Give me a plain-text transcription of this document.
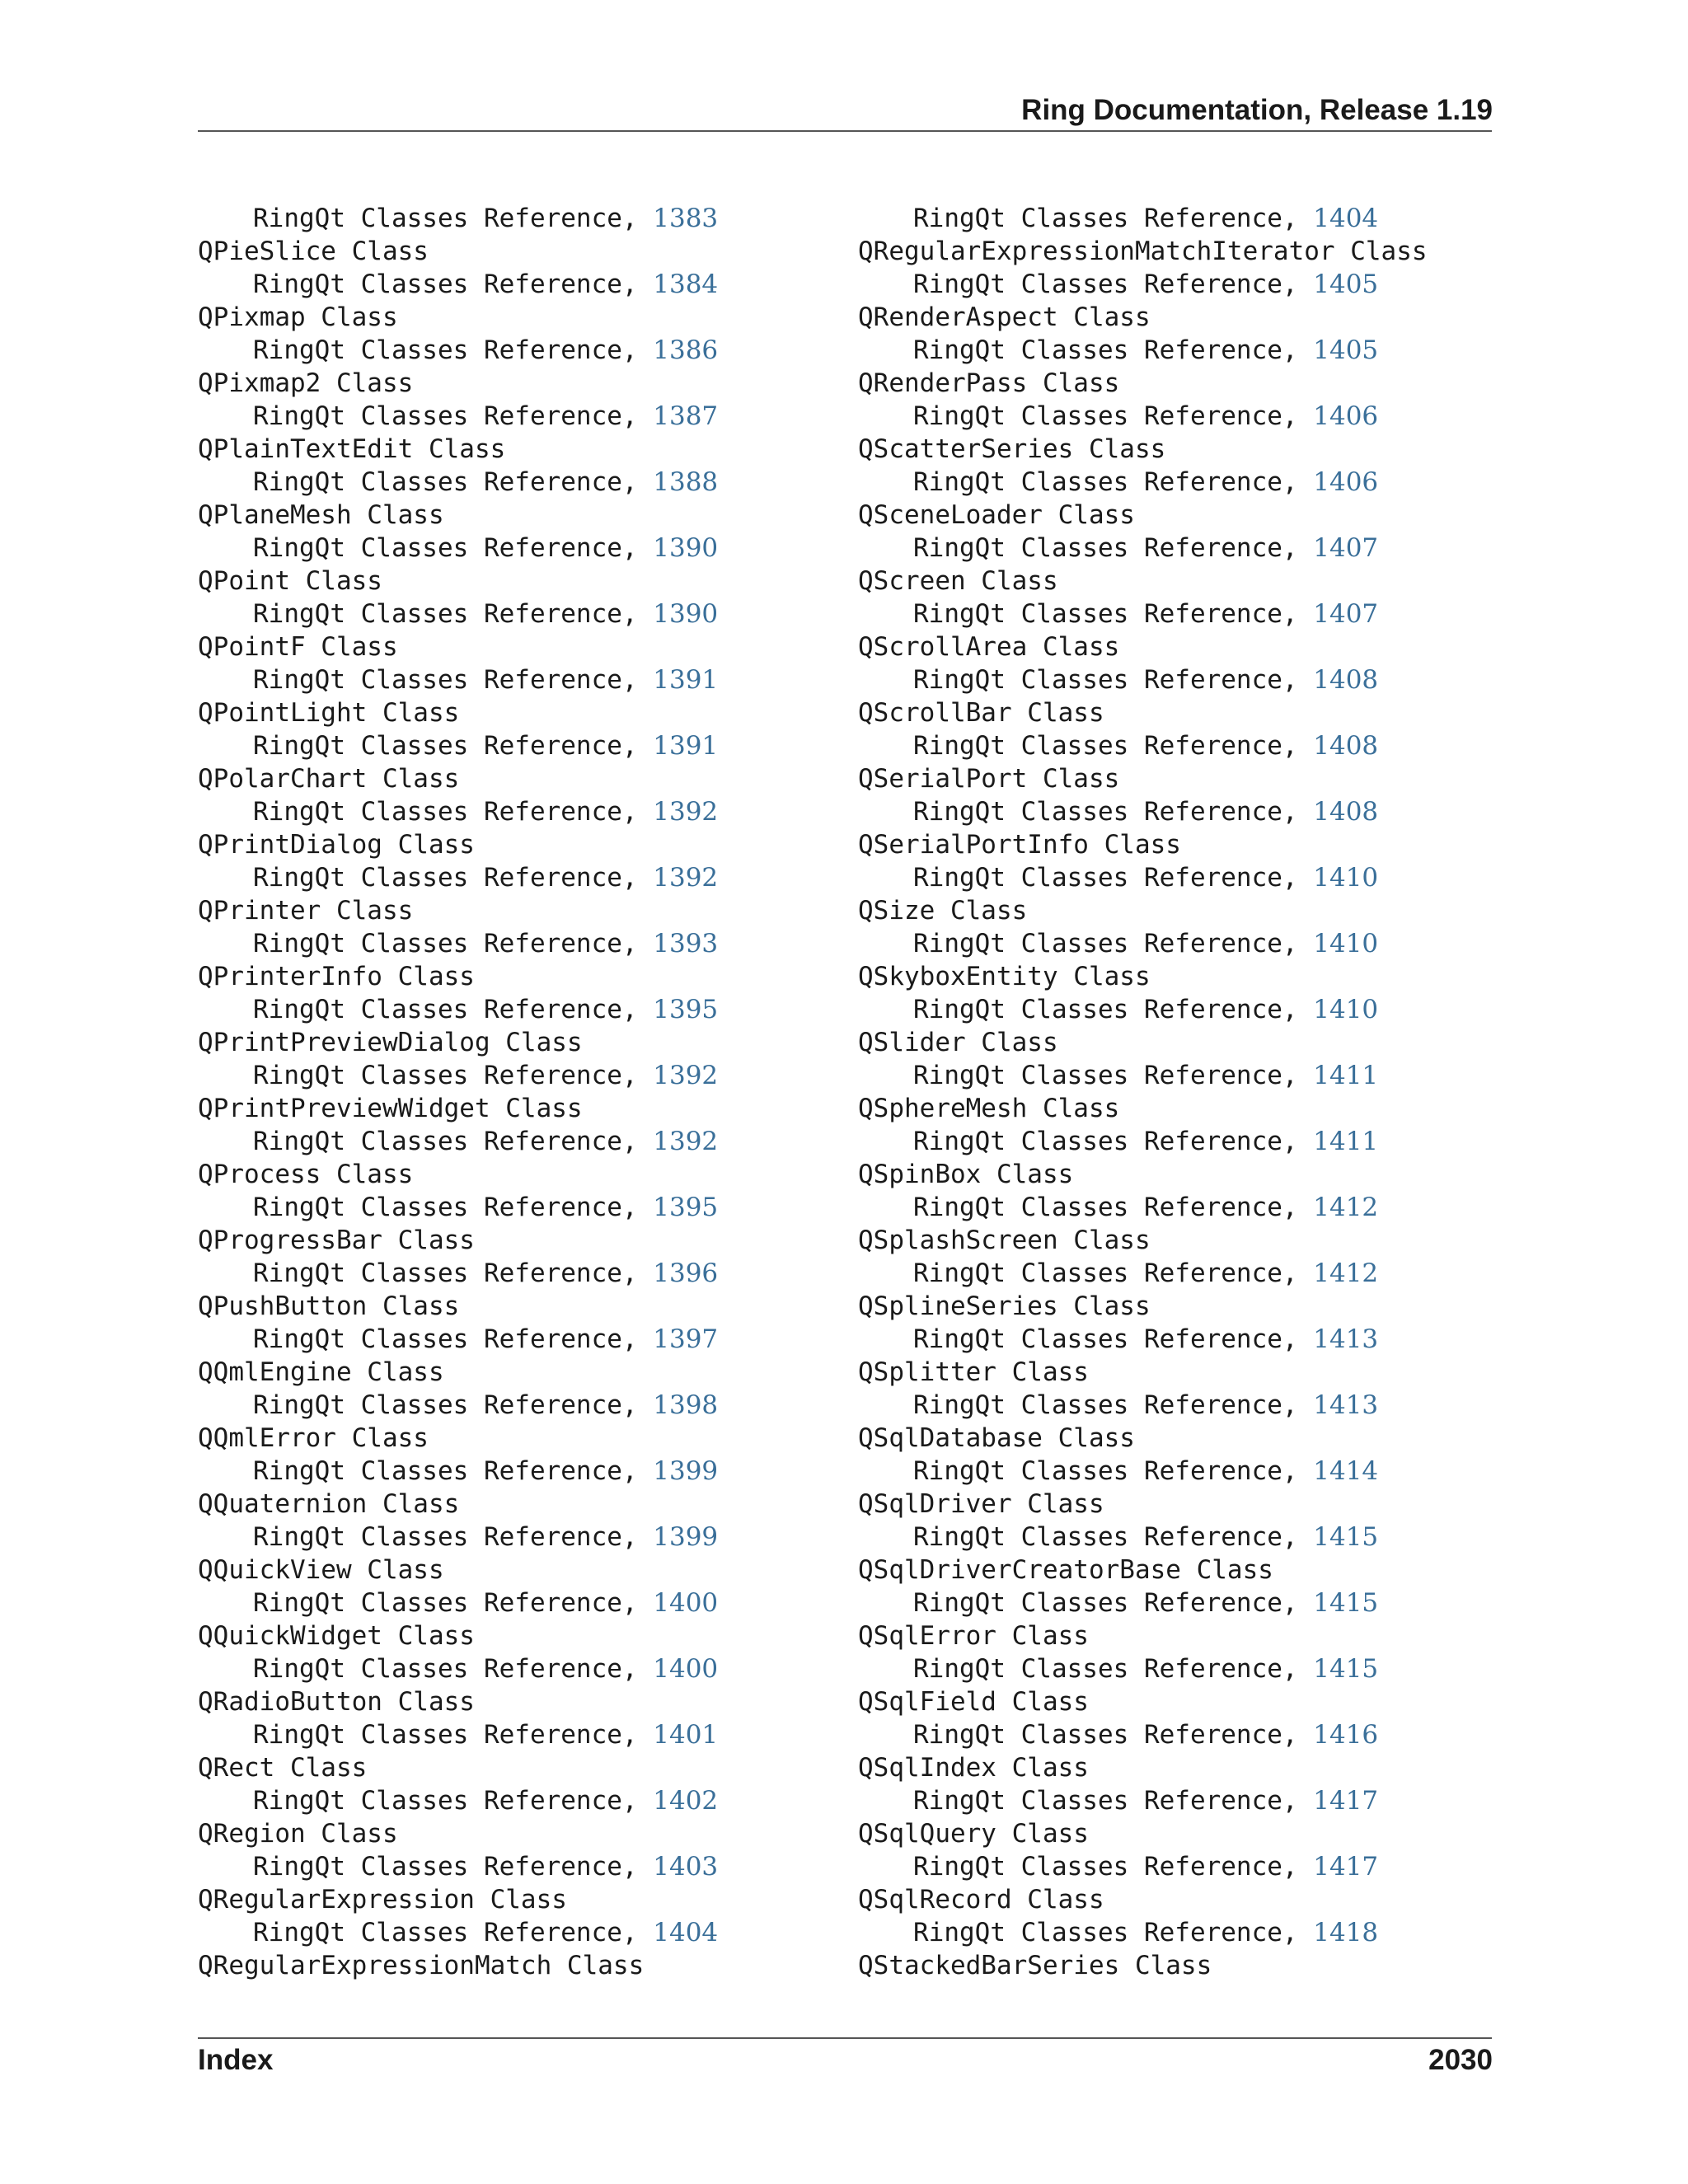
Ring Documentation, Release 1.19
RingQt Classes Reference, 1383
QPieSlice Class
RingQt Classes Reference, 1384
QPixmap Class
RingQt Classes Reference, 1386
QPixmap2 Class
RingQt Classes Reference, 1387
QPlainTextEdit Class
RingQt Classes Reference, 1388
QPlaneMesh Class
RingQt Classes Reference, 1390
QPoint Class
RingQt Classes Reference, 1390
QPointF Class
RingQt Classes Reference, 1391
QPointLight Class
RingQt Classes Reference, 1391
QPolarChart Class
RingQt Classes Reference, 1392
QPrintDialog Class
RingQt Classes Reference, 1392
QPrinter Class
RingQt Classes Reference, 1393
QPrinterInfo Class
RingQt Classes Reference, 1395
QPrintPreviewDialog Class
RingQt Classes Reference, 1392
QPrintPreviewWidget Class
RingQt Classes Reference, 1392
QProcess Class
RingQt Classes Reference, 1395
QProgressBar Class
RingQt Classes Reference, 1396
QPushButton Class
RingQt Classes Reference, 1397
QQmlEngine Class
RingQt Classes Reference, 1398
QQmlError Class
RingQt Classes Reference, 1399
QQuaternion Class
RingQt Classes Reference, 1399
QQuickView Class
RingQt Classes Reference, 1400
QQuickWidget Class
RingQt Classes Reference, 1400
QRadioButton Class
RingQt Classes Reference, 1401
QRect Class
RingQt Classes Reference, 1402
QRegion Class
RingQt Classes Reference, 1403
QRegularExpression Class
RingQt Classes Reference, 1404
QRegularExpressionMatch Class
RingQt Classes Reference, 1404
QRegularExpressionMatchIterator Class
RingQt Classes Reference, 1405
QRenderAspect Class
RingQt Classes Reference, 1405
QRenderPass Class
RingQt Classes Reference, 1406
QScatterSeries Class
RingQt Classes Reference, 1406
QSceneLoader Class
RingQt Classes Reference, 1407
QScreen Class
RingQt Classes Reference, 1407
QScrollArea Class
RingQt Classes Reference, 1408
QScrollBar Class
RingQt Classes Reference, 1408
QSerialPort Class
RingQt Classes Reference, 1408
QSerialPortInfo Class
RingQt Classes Reference, 1410
QSize Class
RingQt Classes Reference, 1410
QSkyboxEntity Class
RingQt Classes Reference, 1410
QSlider Class
RingQt Classes Reference, 1411
QSphereMesh Class
RingQt Classes Reference, 1411
QSpinBox Class
RingQt Classes Reference, 1412
QSplashScreen Class
RingQt Classes Reference, 1412
QSplineSeries Class
RingQt Classes Reference, 1413
QSplitter Class
RingQt Classes Reference, 1413
QSqlDatabase Class
RingQt Classes Reference, 1414
QSqlDriver Class
RingQt Classes Reference, 1415
QSqlDriverCreatorBase Class
RingQt Classes Reference, 1415
QSqlError Class
RingQt Classes Reference, 1415
QSqlField Class
RingQt Classes Reference, 1416
QSqlIndex Class
RingQt Classes Reference, 1417
QSqlQuery Class
RingQt Classes Reference, 1417
QSqlRecord Class
RingQt Classes Reference, 1418
QStackedBarSeries Class
Index	2030
